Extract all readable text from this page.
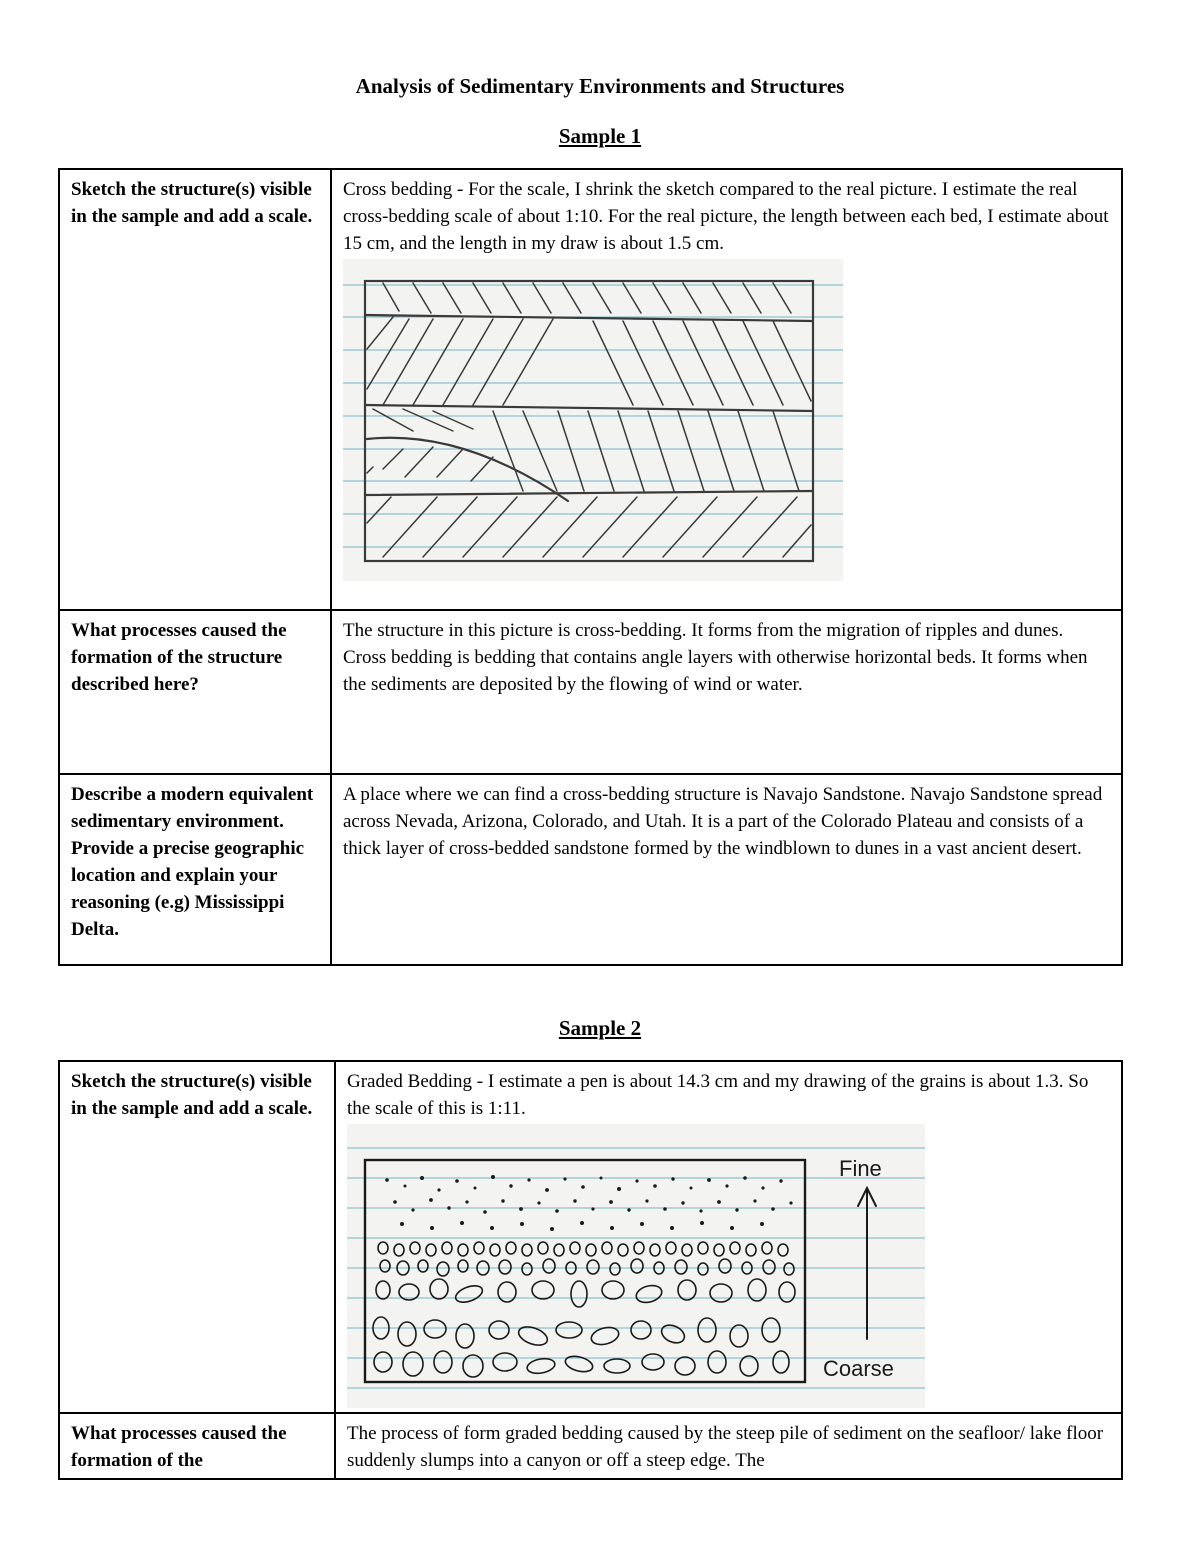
Analysis of Sedimentary Environments and Structures
Sample 1
Sketch the structure(s) visible in the sample and add a scale.	Cross bedding - For the scale, I shrink the sketch compared to the real picture. I estimate the real cross-bedding scale of about 1:10. For the real picture, the length between each bed, I estimate about 15 cm, and the length in my draw is about 1.5 cm.

What processes caused the formation of the structure described here?	The structure in this picture is cross-bedding. It forms from the migration of ripples and dunes. Cross bedding is bedding that contains angle layers with otherwise horizontal beds. It forms when the sediments are deposited by the flowing of wind or water.
Describe a modern equivalent sedimentary environment. Provide a precise geographic location and explain your reasoning (e.g) Mississippi Delta.	A place where we can find a cross-bedding structure is Navajo Sandstone. Navajo Sandstone spread across Nevada, Arizona, Colorado, and Utah. It is a part of the Colorado Plateau and consists of a thick layer of cross-bedded sandstone formed by the windblown to dunes in a vast ancient desert.
Sample 2
Sketch the structure(s) visible in the sample and add a scale.	Graded Bedding - I estimate a pen is about 14.3 cm and my drawing of the grains is about 1.3. So the scale of this is 1:11.
Fine
Coarse

What processes caused the formation of the	The process of form graded bedding caused by the steep pile of sediment on the seafloor/ lake floor suddenly slumps into a canyon or off a steep edge. The
